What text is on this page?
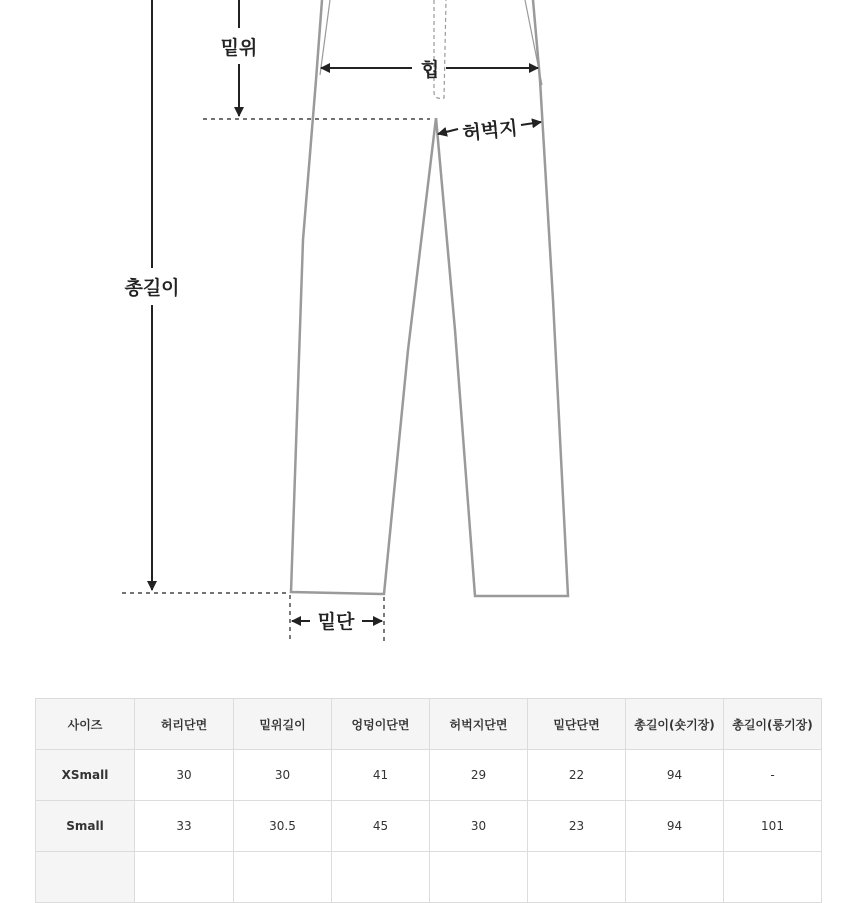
밑위
힙
허벅지
총길이
밑단
사이즈	허리단면	밑위길이	엉덩이단면	허벅지단면	밑단단면	총길이(숏기장)	총길이(롱기장)
XSmall	30	30	41	29	22	94	-
Small	33	30.5	45	30	23	94	101
